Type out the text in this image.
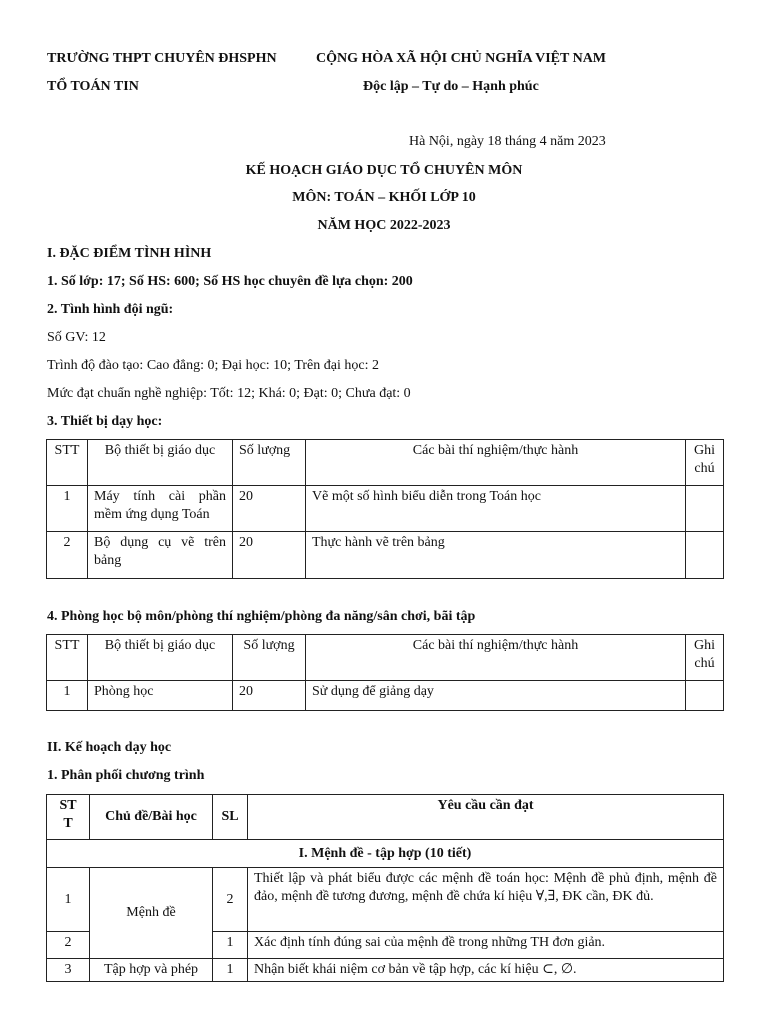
TRƯỜNG THPT CHUYÊN ĐHSPHN	CỘNG HÒA XÃ HỘI CHỦ NGHĨA VIỆT NAM
TỔ TOÁN TIN	Độc lập – Tự do – Hạnh phúc
Hà Nội, ngày 18 tháng 4 năm 2023
KẾ HOẠCH GIÁO DỤC TỔ CHUYÊN MÔN
MÔN: TOÁN – KHỐI LỚP 10
NĂM HỌC 2022-2023
I. ĐẶC ĐIỂM TÌNH HÌNH
1. Số lớp: 17; Số HS: 600; Số HS học chuyên đề lựa chọn: 200
2. Tình hình đội ngũ:
Số GV: 12
Trình độ đào tạo: Cao đẳng: 0; Đại học: 10; Trên đại học: 2
Mức đạt chuẩn nghề nghiệp: Tốt: 12; Khá: 0; Đạt: 0; Chưa đạt: 0
3. Thiết bị dạy học:
STT	Bộ thiết bị giáo dục	Số lượng	Các bài thí nghiệm/thực hành	Ghi chú
1	Máy tính cài phần mềm ứng dụng Toán	20	Vẽ một số hình biểu diễn trong Toán học	
2	Bộ dụng cụ vẽ trên bảng	20	Thực hành vẽ trên bảng	
4. Phòng học bộ môn/phòng thí nghiệm/phòng đa năng/sân chơi, bãi tập
STT	Bộ thiết bị giáo dục	Số lượng	Các bài thí nghiệm/thực hành	Ghi chú
1	Phòng học	20	Sử dụng để giảng dạy	
II. Kế hoạch dạy học
1. Phân phối chương trình
ST
T	Chủ đề/Bài học	SL	Yêu cầu cần đạt
I. Mệnh đề - tập hợp (10 tiết)			
1	Mệnh đề	2	Thiết lập và phát biểu được các mệnh đề toán học: Mệnh đề phủ định, mệnh đề đảo, mệnh đề tương đương, mệnh đề chứa kí hiệu ∀,∃, ĐK cần, ĐK đủ.
2		1	Xác định tính đúng sai của mệnh đề trong những TH đơn giản.
3	Tập hợp và phép	1	Nhận biết khái niệm cơ bản về tập hợp, các kí hiệu ⊂, ∅.
